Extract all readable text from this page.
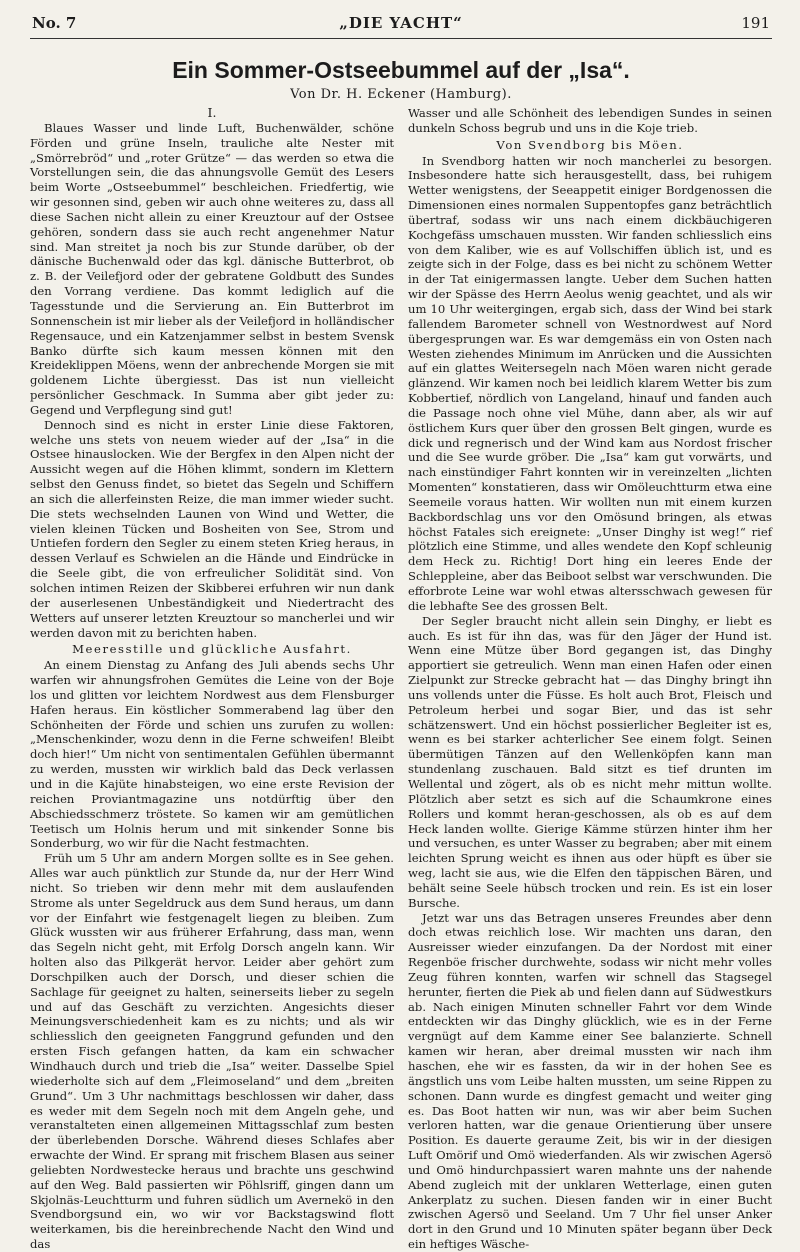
No. 7	„DIE YACHT“	191
Ein Sommer-Ostseebummel auf der „Isa“.
Von Dr. H. Eckener (Hamburg).
I.

Blaues Wasser und linde Luft, Buchenwälder, schöne Förden und grüne Inseln, trauliche alte Nester mit „Smörrebröd“ und „roter Grütze“ — das werden so etwa die Vorstellungen sein, die das ahnungsvolle Gemüt des Lesers beim Worte „Ostseebummel“ beschleichen. Friedfertig, wie wir gesonnen sind, geben wir auch ohne weiteres zu, dass all diese Sachen nicht allein zu einer Kreuztour auf der Ostsee gehören, sondern dass sie auch recht angenehmer Natur sind. Man streitet ja noch bis zur Stunde darüber, ob der dänische Buchenwald oder das kgl. dänische Butterbrot, ob z. B. der Veilefjord oder der gebratene Goldbutt des Sundes den Vorrang verdiene. Das kommt lediglich auf die Tagesstunde und die Servierung an. Ein Butterbrot im Sonnenschein ist mir lieber als der Veilefjord in holländischer Regensauce, und ein Katzenjammer selbst in bestem Svensk Banko dürfte sich kaum messen können mit den Kreideklippen Möens, wenn der anbrechende Morgen sie mit goldenem Lichte übergiesst. Das ist nun vielleicht persönlicher Geschmack. In Summa aber gibt jeder zu: Gegend und Verpflegung sind gut!

Dennoch sind es nicht in erster Linie diese Faktoren, welche uns stets von neuem wieder auf der „Isa“ in die Ostsee hinauslocken. Wie der Bergfex in den Alpen nicht der Aussicht wegen auf die Höhen klimmt, sondern im Klettern selbst den Genuss findet, so bietet das Segeln und Schiffern an sich die allerfeinsten Reize, die man immer wieder sucht. Die stets wechselnden Launen von Wind und Wetter, die vielen kleinen Tücken und Bosheiten von See, Strom und Untiefen fordern den Segler zu einem steten Krieg heraus, in dessen Verlauf es Schwielen an die Hände und Eindrücke in die Seele gibt, die von erfreulicher Solidität sind. Von solchen intimen Reizen der Skibberei erfuhren wir nun dank der auserlesenen Unbeständigkeit und Niedertracht des Wetters auf unserer letzten Kreuztour so mancherlei und wir werden davon mit zu berichten haben.

Meeresstille und glückliche Ausfahrt.

An einem Dienstag zu Anfang des Juli abends sechs Uhr warfen wir ahnungsfrohen Gemütes die Leine von der Boje los und glitten vor leichtem Nordwest aus dem Flensburger Hafen heraus. Ein köstlicher Sommerabend lag über den Schönheiten der Förde und schien uns zurufen zu wollen: „Menschenkinder, wozu denn in die Ferne schweifen! Bleibt doch hier!“ Um nicht von sentimentalen Gefühlen übermannt zu werden, mussten wir wirklich bald das Deck verlassen und in die Kajüte hinabsteigen, wo eine erste Revision der reichen Proviantmagazine uns notdürftig über den Abschiedsschmerz tröstete. So kamen wir am gemütlichen Teetisch um Holnis herum und mit sinkender Sonne bis Sonderburg, wo wir für die Nacht festmachten.

Früh um 5 Uhr am andern Morgen sollte es in See gehen. Alles war auch pünktlich zur Stunde da, nur der Herr Wind nicht. So trieben wir denn mehr mit dem auslaufenden Strome als unter Segeldruck aus dem Sund heraus, um dann vor der Einfahrt wie festgenagelt liegen zu bleiben. Zum Glück wussten wir aus früherer Erfahrung, dass man, wenn das Segeln nicht geht, mit Erfolg Dorsch angeln kann. Wir holten also das Pilkgerät hervor. Leider aber gehört zum Dorschpilken auch der Dorsch, und dieser schien die Sachlage für geeignet zu halten, seinerseits lieber zu segeln und auf das Geschäft zu verzichten. Angesichts dieser Meinungsverschiedenheit kam es zu nichts; und als wir schliesslich den geeigneten Fanggrund gefunden und den ersten Fisch gefangen hatten, da kam ein schwacher Windhauch durch und trieb die „Isa“ weiter. Dasselbe Spiel wiederholte sich auf dem „Fleimoseland“ und dem „breiten Grund“. Um 3 Uhr nachmittags beschlossen wir daher, dass es weder mit dem Segeln noch mit dem Angeln gehe, und veranstalteten einen allgemeinen Mittagsschlaf zum besten der überlebenden Dorsche. Während dieses Schlafes aber erwachte der Wind. Er sprang mit frischem Blasen aus seiner geliebten Nordwestecke heraus und brachte uns geschwind auf den Weg. Bald passierten wir Pöhlsriff, gingen dann um Skjolnäs-Leuchtturm und fuhren südlich um Avernekö in den Svendborgsund ein, wo wir vor Backstagswind flott weiterkamen, bis die hereinbrechende Nacht den Wind und das

Wasser und alle Schönheit des lebendigen Sundes in seinen dunkeln Schoss begrub und uns in die Koje trieb.

Von Svendborg bis Möen.

In Svendborg hatten wir noch mancherlei zu besorgen. Insbesondere hatte sich herausgestellt, dass, bei ruhigem Wetter wenigstens, der Seeappetit einiger Bordgenossen die Dimensionen eines normalen Suppentopfes ganz beträchtlich übertraf, sodass wir uns nach einem dickbäuchigeren Kochgefäss umschauen mussten. Wir fanden schliesslich eins von dem Kaliber, wie es auf Vollschiffen üblich ist, und es zeigte sich in der Folge, dass es bei nicht zu schönem Wetter in der Tat einigermassen langte. Ueber dem Suchen hatten wir der Spässe des Herrn Aeolus wenig geachtet, und als wir um 10 Uhr weitergingen, ergab sich, dass der Wind bei stark fallendem Barometer schnell von Westnordwest auf Nord übergesprungen war. Es war demgemäss ein von Osten nach Westen ziehendes Minimum im Anrücken und die Aussichten auf ein glattes Weitersegeln nach Möen waren nicht gerade glänzend. Wir kamen noch bei leidlich klarem Wetter bis zum Kobbertief, nördlich von Langeland, hinauf und fanden auch die Passage noch ohne viel Mühe, dann aber, als wir auf östlichem Kurs quer über den grossen Belt gingen, wurde es dick und regnerisch und der Wind kam aus Nordost frischer und die See wurde gröber. Die „Isa“ kam gut vorwärts, und nach einstündiger Fahrt konnten wir in vereinzelten „lichten Momenten“ konstatieren, dass wir Omöleuchtturm etwa eine Seemeile voraus hatten. Wir wollten nun mit einem kurzen Backbordschlag uns vor den Omösund bringen, als etwas höchst Fatales sich ereignete: „Unser Dinghy ist weg!“ rief plötzlich eine Stimme, und alles wendete den Kopf schleunig dem Heck zu. Richtig! Dort hing ein leeres Ende der Schleppleine, aber das Beiboot selbst war verschwunden. Die efforbrote Leine war wohl etwas altersschwach gewesen für die lebhafte See des grossen Belt.

Der Segler braucht nicht allein sein Dinghy, er liebt es auch. Es ist für ihn das, was für den Jäger der Hund ist. Wenn eine Mütze über Bord gegangen ist, das Dinghy apportiert sie getreulich. Wenn man einen Hafen oder einen Zielpunkt zur Strecke gebracht hat — das Dinghy bringt ihn uns vollends unter die Füsse. Es holt auch Brot, Fleisch und Petroleum herbei und sogar Bier, und das ist sehr schätzenswert. Und ein höchst possierlicher Begleiter ist es, wenn es bei starker achterlicher See einem folgt. Seinen übermütigen Tänzen auf den Wellenköpfen kann man stundenlang zuschauen. Bald sitzt es tief drunten im Wellental und zögert, als ob es nicht mehr mittun wollte. Plötzlich aber setzt es sich auf die Schaumkrone eines Rollers und kommt heran-geschossen, als ob es auf dem Heck landen wollte. Gierige Kämme stürzen hinter ihm her und versuchen, es unter Wasser zu begraben; aber mit einem leichten Sprung weicht es ihnen aus oder hüpft es über sie weg, lacht sie aus, wie die Elfen den täppischen Bären, und behält seine Seele hübsch trocken und rein. Es ist ein loser Bursche.

Jetzt war uns das Betragen unseres Freundes aber denn doch etwas reichlich lose. Wir machten uns daran, den Ausreisser wieder einzufangen. Da der Nordost mit einer Regenböe frischer durchwehte, sodass wir nicht mehr volles Zeug führen konnten, warfen wir schnell das Stagsegel herunter, fierten die Piek ab und fielen dann auf Südwestkurs ab. Nach einigen Minuten schneller Fahrt vor dem Winde entdeckten wir das Dinghy glücklich, wie es in der Ferne vergnügt auf dem Kamme einer See balanzierte. Schnell kamen wir heran, aber dreimal mussten wir nach ihm haschen, ehe wir es fassten, da wir in der hohen See es ängstlich uns vom Leibe halten mussten, um seine Rippen zu schonen. Dann wurde es dingfest gemacht und weiter ging es. Das Boot hatten wir nun, was wir aber beim Suchen verloren hatten, war die genaue Orientierung über unsere Position. Es dauerte geraume Zeit, bis wir in der diesigen Luft Omörif und Omö wiederfanden. Als wir zwischen Agersö und Omö hindurchpassiert waren mahnte uns der nahende Abend zugleich mit der unklaren Wetterlage, einen guten Ankerplatz zu suchen. Diesen fanden wir in einer Bucht zwischen Agersö und Seeland. Um 7 Uhr fiel unser Anker dort in den Grund und 10 Minuten später begann über Deck ein heftiges Wäsche-
